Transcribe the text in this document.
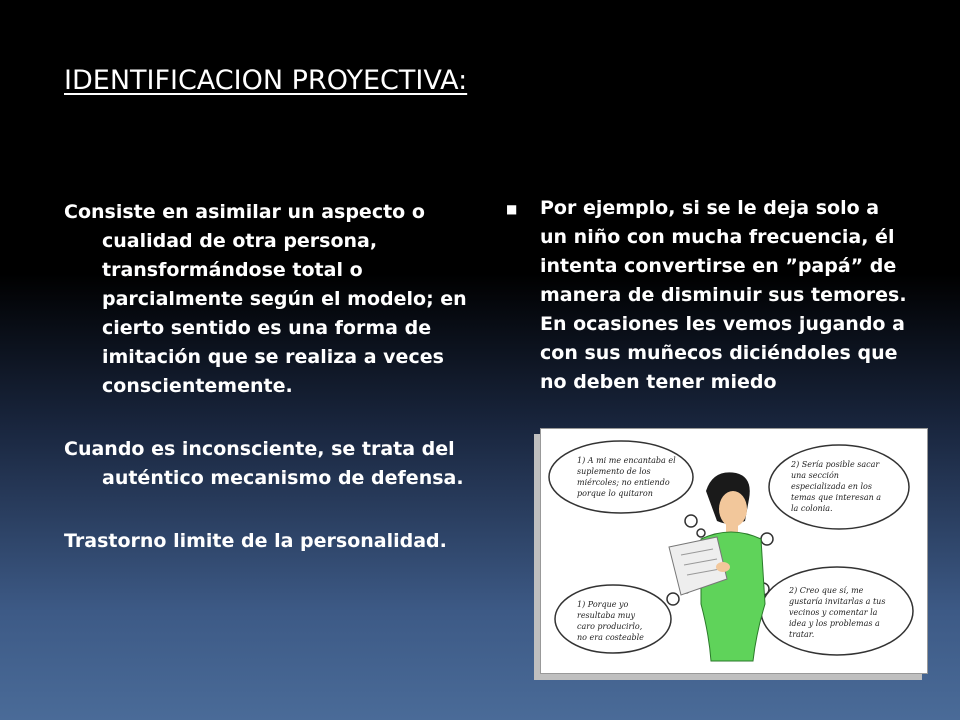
IDENTIFICACION PROYECTIVA:

Consiste en asimilar un aspecto o cualidad de otra persona, transformándose total o parcialmente según el modelo; en cierto sentido es una forma de imitación que se realiza a veces conscientemente.

Cuando es inconsciente, se trata del auténtico mecanismo de defensa.

Trastorno limite de la personalidad.

■	Por ejemplo, si se le deja solo a un niño con mucha frecuencia, él intenta convertirse en ”papá” de manera de disminuir sus temores. En ocasiones les vemos jugando a con sus muñecos diciéndoles que no deben tener miedo
1) A mi me encantaba el suplemento de los miércoles; no entiendo porque lo quitaron
2) Sería posible sacar una sección especializada en los temas que interesan a la colonia.
1) Porque yo resultaba muy caro producirlo, no era costeable
2) Creo que sí, me gustaría invitarlas a tus vecinos y comentar la idea y los problemas a tratar.
